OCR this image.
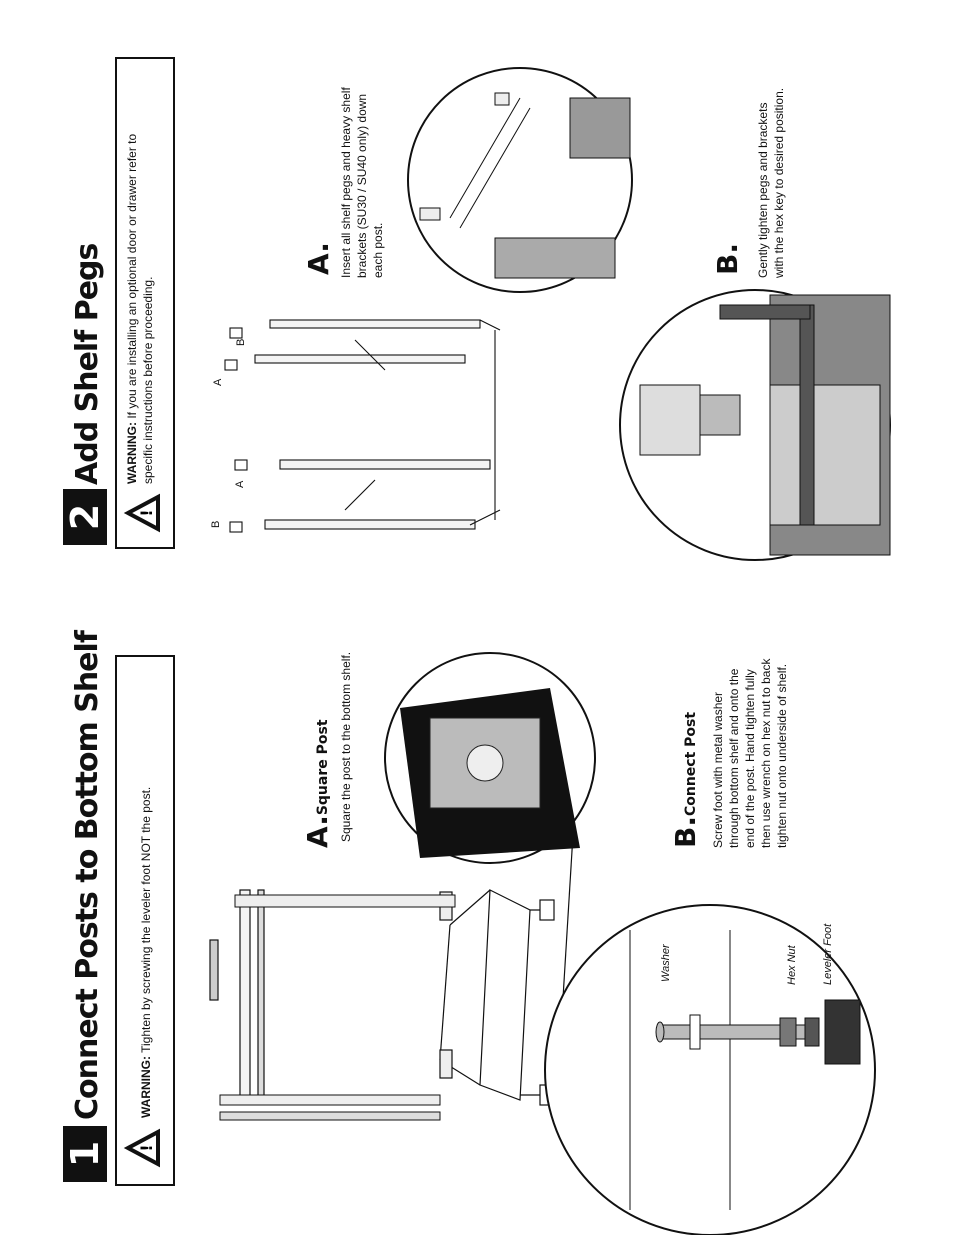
1
Connect Posts to Bottom Shelf
!
WARNING: Tighten by screwing the leveler foot NOT the post.	Washer	Hex Nut Leveler Foot
A.Square Post Square the post to the bottom shelf.	B.Connect Post	Screw foot with metal washer through bottom shelf and onto the end of the post. Hand tighten fully then use wrench on hex nut to back tighten nut onto underside of shelf.
2
Add Shelf Pegs
!
WARNING: If you are installing an optional door or drawer refer to specific instructions before proceeding.
B
A
A
B
A. Insert all shelf pegs and heavy shelf brackets (SU30 / SU40 only) down each post.	B. Gently tighten pegs and brackets with the hex key to desired position.
